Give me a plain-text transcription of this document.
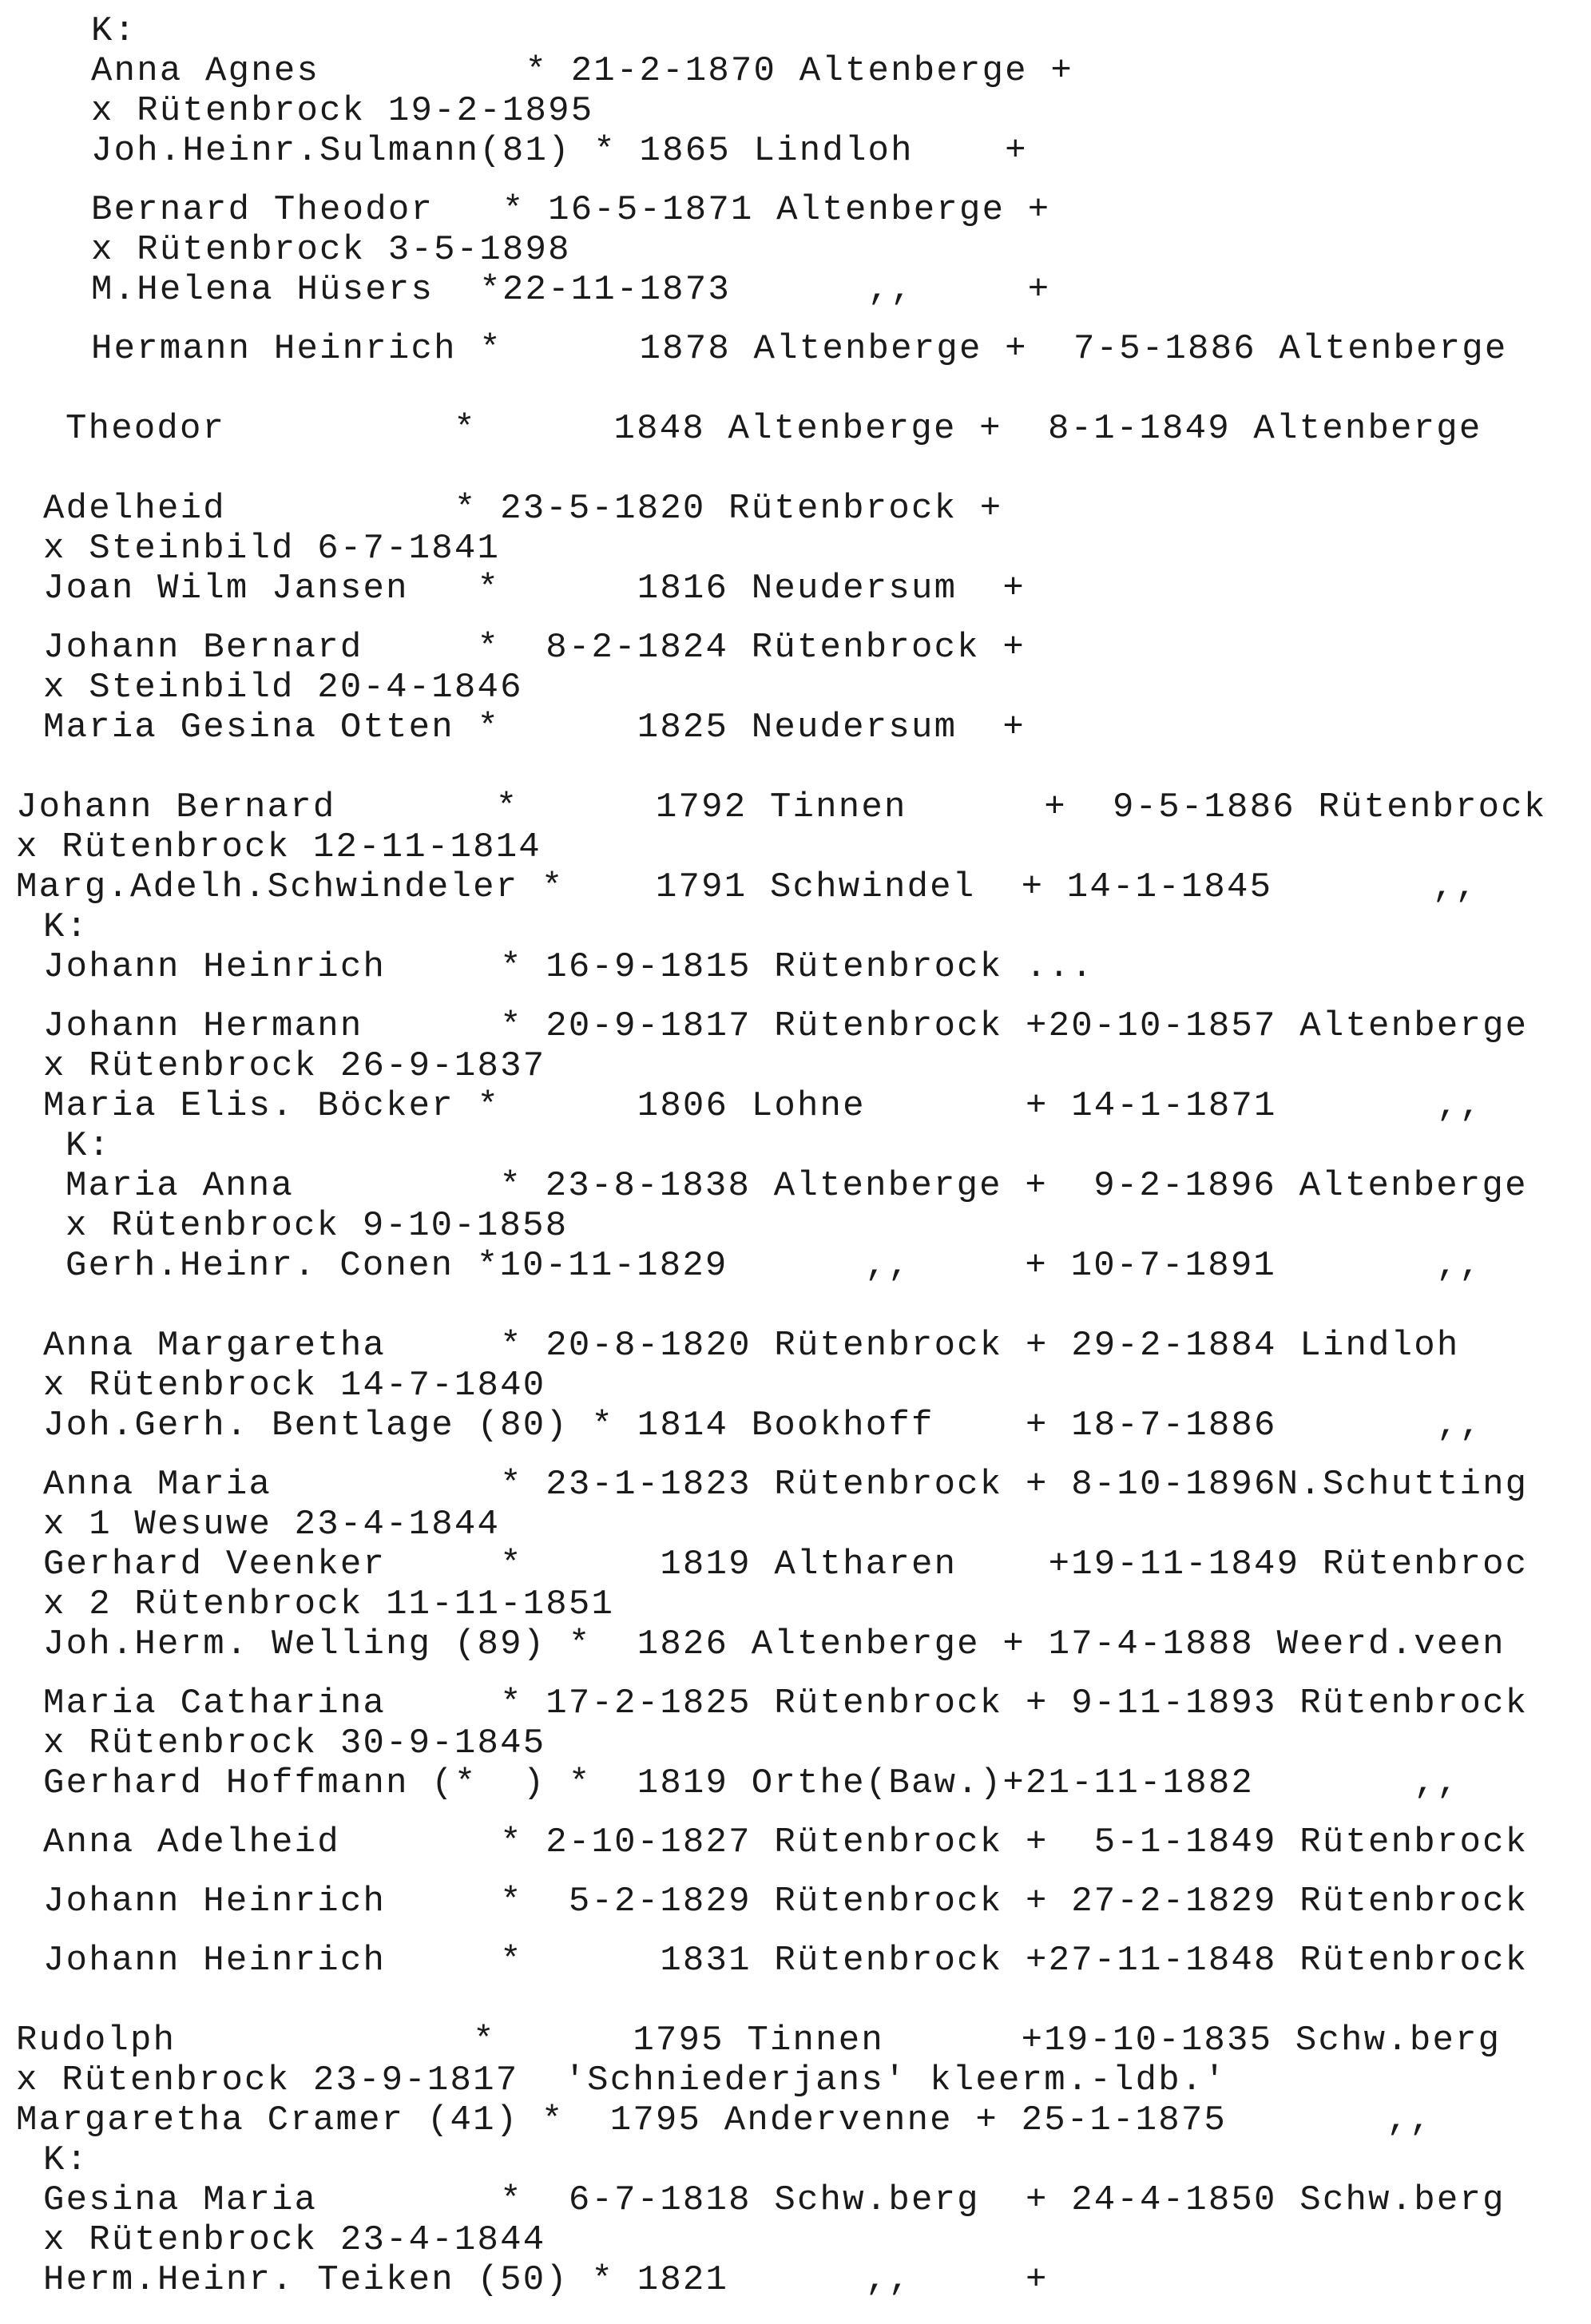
K:
Anna Agnes         * 21-2-1870 Altenberge +
x Rütenbrock 19-2-1895
Joh.Heinr.Sulmann(81) * 1865 Lindloh    +
Bernard Theodor   * 16-5-1871 Altenberge +
x Rütenbrock 3-5-1898
M.Helena Hüsers  *22-11-1873      ,,     +
Hermann Heinrich *      1878 Altenberge +  7-5-1886 Altenberge
Theodor          *      1848 Altenberge +  8-1-1849 Altenberge
Adelheid          * 23-5-1820 Rütenbrock +
x Steinbild 6-7-1841
Joan Wilm Jansen   *      1816 Neudersum  +
Johann Bernard     *  8-2-1824 Rütenbrock +
x Steinbild 20-4-1846
Maria Gesina Otten *      1825 Neudersum  +
Johann Bernard       *      1792 Tinnen      +  9-5-1886 Rütenbrock
x Rütenbrock 12-11-1814
Marg.Adelh.Schwindeler *    1791 Schwindel  + 14-1-1845       ,,
K:
Johann Heinrich     * 16-9-1815 Rütenbrock ...
Johann Hermann      * 20-9-1817 Rütenbrock +20-10-1857 Altenberge
x Rütenbrock 26-9-1837
Maria Elis. Böcker *      1806 Lohne       + 14-1-1871       ,,
K:
Maria Anna         * 23-8-1838 Altenberge +  9-2-1896 Altenberge
x Rütenbrock 9-10-1858
Gerh.Heinr. Conen *10-11-1829      ,,     + 10-7-1891       ,,
Anna Margaretha     * 20-8-1820 Rütenbrock + 29-2-1884 Lindloh
x Rütenbrock 14-7-1840
Joh.Gerh. Bentlage (80) * 1814 Bookhoff    + 18-7-1886       ,,
Anna Maria          * 23-1-1823 Rütenbrock + 8-10-1896N.Schutting
x 1 Wesuwe 23-4-1844
Gerhard Veenker     *      1819 Altharen    +19-11-1849 Rütenbroc
x 2 Rütenbrock 11-11-1851
Joh.Herm. Welling (89) *  1826 Altenberge + 17-4-1888 Weerd.veen
Maria Catharina     * 17-2-1825 Rütenbrock + 9-11-1893 Rütenbrock
x Rütenbrock 30-9-1845
Gerhard Hoffmann (*  ) *  1819 Orthe(Baw.)+21-11-1882       ,,
Anna Adelheid       * 2-10-1827 Rütenbrock +  5-1-1849 Rütenbrock
Johann Heinrich     *  5-2-1829 Rütenbrock + 27-2-1829 Rütenbrock
Johann Heinrich     *      1831 Rütenbrock +27-11-1848 Rütenbrock
Rudolph             *      1795 Tinnen      +19-10-1835 Schw.berg
x Rütenbrock 23-9-1817  'Schniederjans' kleerm.-ldb.'
Margaretha Cramer (41) *  1795 Andervenne + 25-1-1875       ,,
K:
Gesina Maria        *  6-7-1818 Schw.berg  + 24-4-1850 Schw.berg
x Rütenbrock 23-4-1844
Herm.Heinr. Teiken (50) * 1821      ,,     +
